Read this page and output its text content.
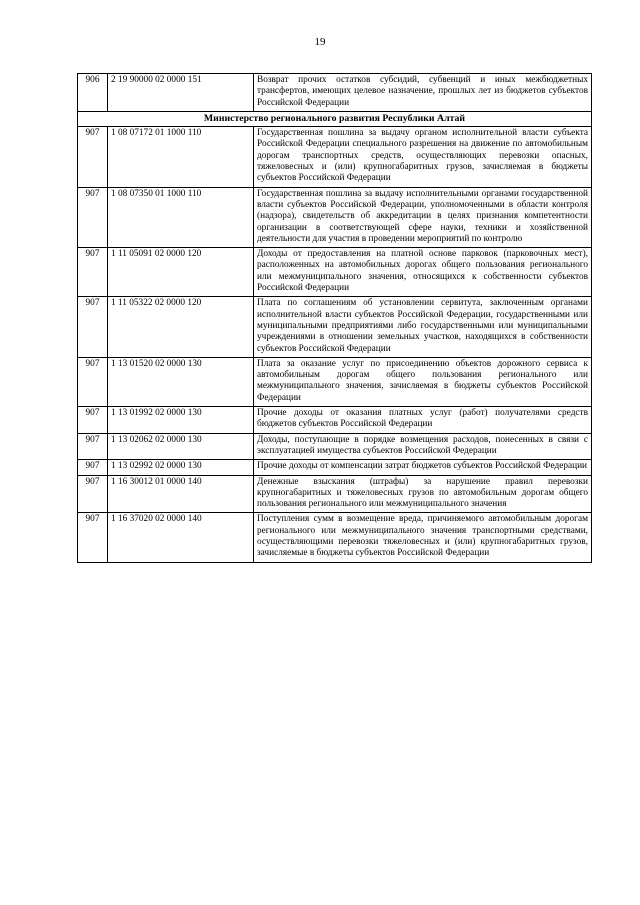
19
906	2 19 90000 02 0000 151	Возврат прочих остатков субсидий, субвенций и иных межбюджетных трансфертов, имеющих целевое назначение, прошлых лет из бюджетов субъектов Российской Федерации
Министерство регионального развития Республики Алтай		
907	1 08 07172 01 1000 110	Государственная пошлина за выдачу органом исполнительной власти субъекта Российской Федерации специального разрешения на движение по автомобильным дорогам транспортных средств, осуществляющих перевозки опасных, тяжеловесных и (или) крупногабаритных грузов, зачисляемая в бюджеты субъектов Российской Федерации
907	1 08 07350 01 1000 110	Государственная пошлина за выдачу исполнительными органами государственной власти субъектов Российской Федерации, уполномоченными в области контроля (надзора), свидетельств об аккредитации в целях признания компетентности организации в соответствующей сфере науки, техники и хозяйственной деятельности для участия в проведении мероприятий по контролю
907	1 11 05091 02 0000 120	Доходы от предоставления на платной основе парковок (парковочных мест), расположенных на автомобильных дорогах общего пользования регионального или межмуниципального значения, относящихся к собственности субъектов Российской Федерации
907	1 11 05322 02 0000 120	Плата по соглашениям об установлении сервитута, заключенным органами исполнительной власти субъектов Российской Федерации, государственными или муниципальными предприятиями либо государственными или муниципальными учреждениями в отношении земельных участков, находящихся в собственности субъектов Российской Федерации
907	1 13 01520 02 0000 130	Плата за оказание услуг по присоединению объектов дорожного сервиса к автомобильным дорогам общего пользования регионального или межмуниципального значения, зачисляемая в бюджеты субъектов Российской Федерации
907	1 13 01992 02 0000 130	Прочие доходы от оказания платных услуг (работ) получателями средств бюджетов субъектов Российской Федерации
907	1 13 02062 02 0000 130	Доходы, поступающие в порядке возмещения расходов, понесенных в связи с эксплуатацией имущества субъектов Российской Федерации
907	1 13 02992 02 0000 130	Прочие доходы от компенсации затрат бюджетов субъектов Российской Федерации
907	1 16 30012 01 0000 140	Денежные взыскания (штрафы) за нарушение правил перевозки крупногабаритных и тяжеловесных грузов по автомобильным дорогам общего пользования регионального или межмуниципального значения
907	1 16 37020 02 0000 140	Поступления сумм в возмещение вреда, причиняемого автомобильным дорогам регионального или межмуниципального значения транспортными средствами, осуществляющими перевозки тяжеловесных и (или) крупногабаритных грузов, зачисляемые в бюджеты субъектов Российской Федерации
